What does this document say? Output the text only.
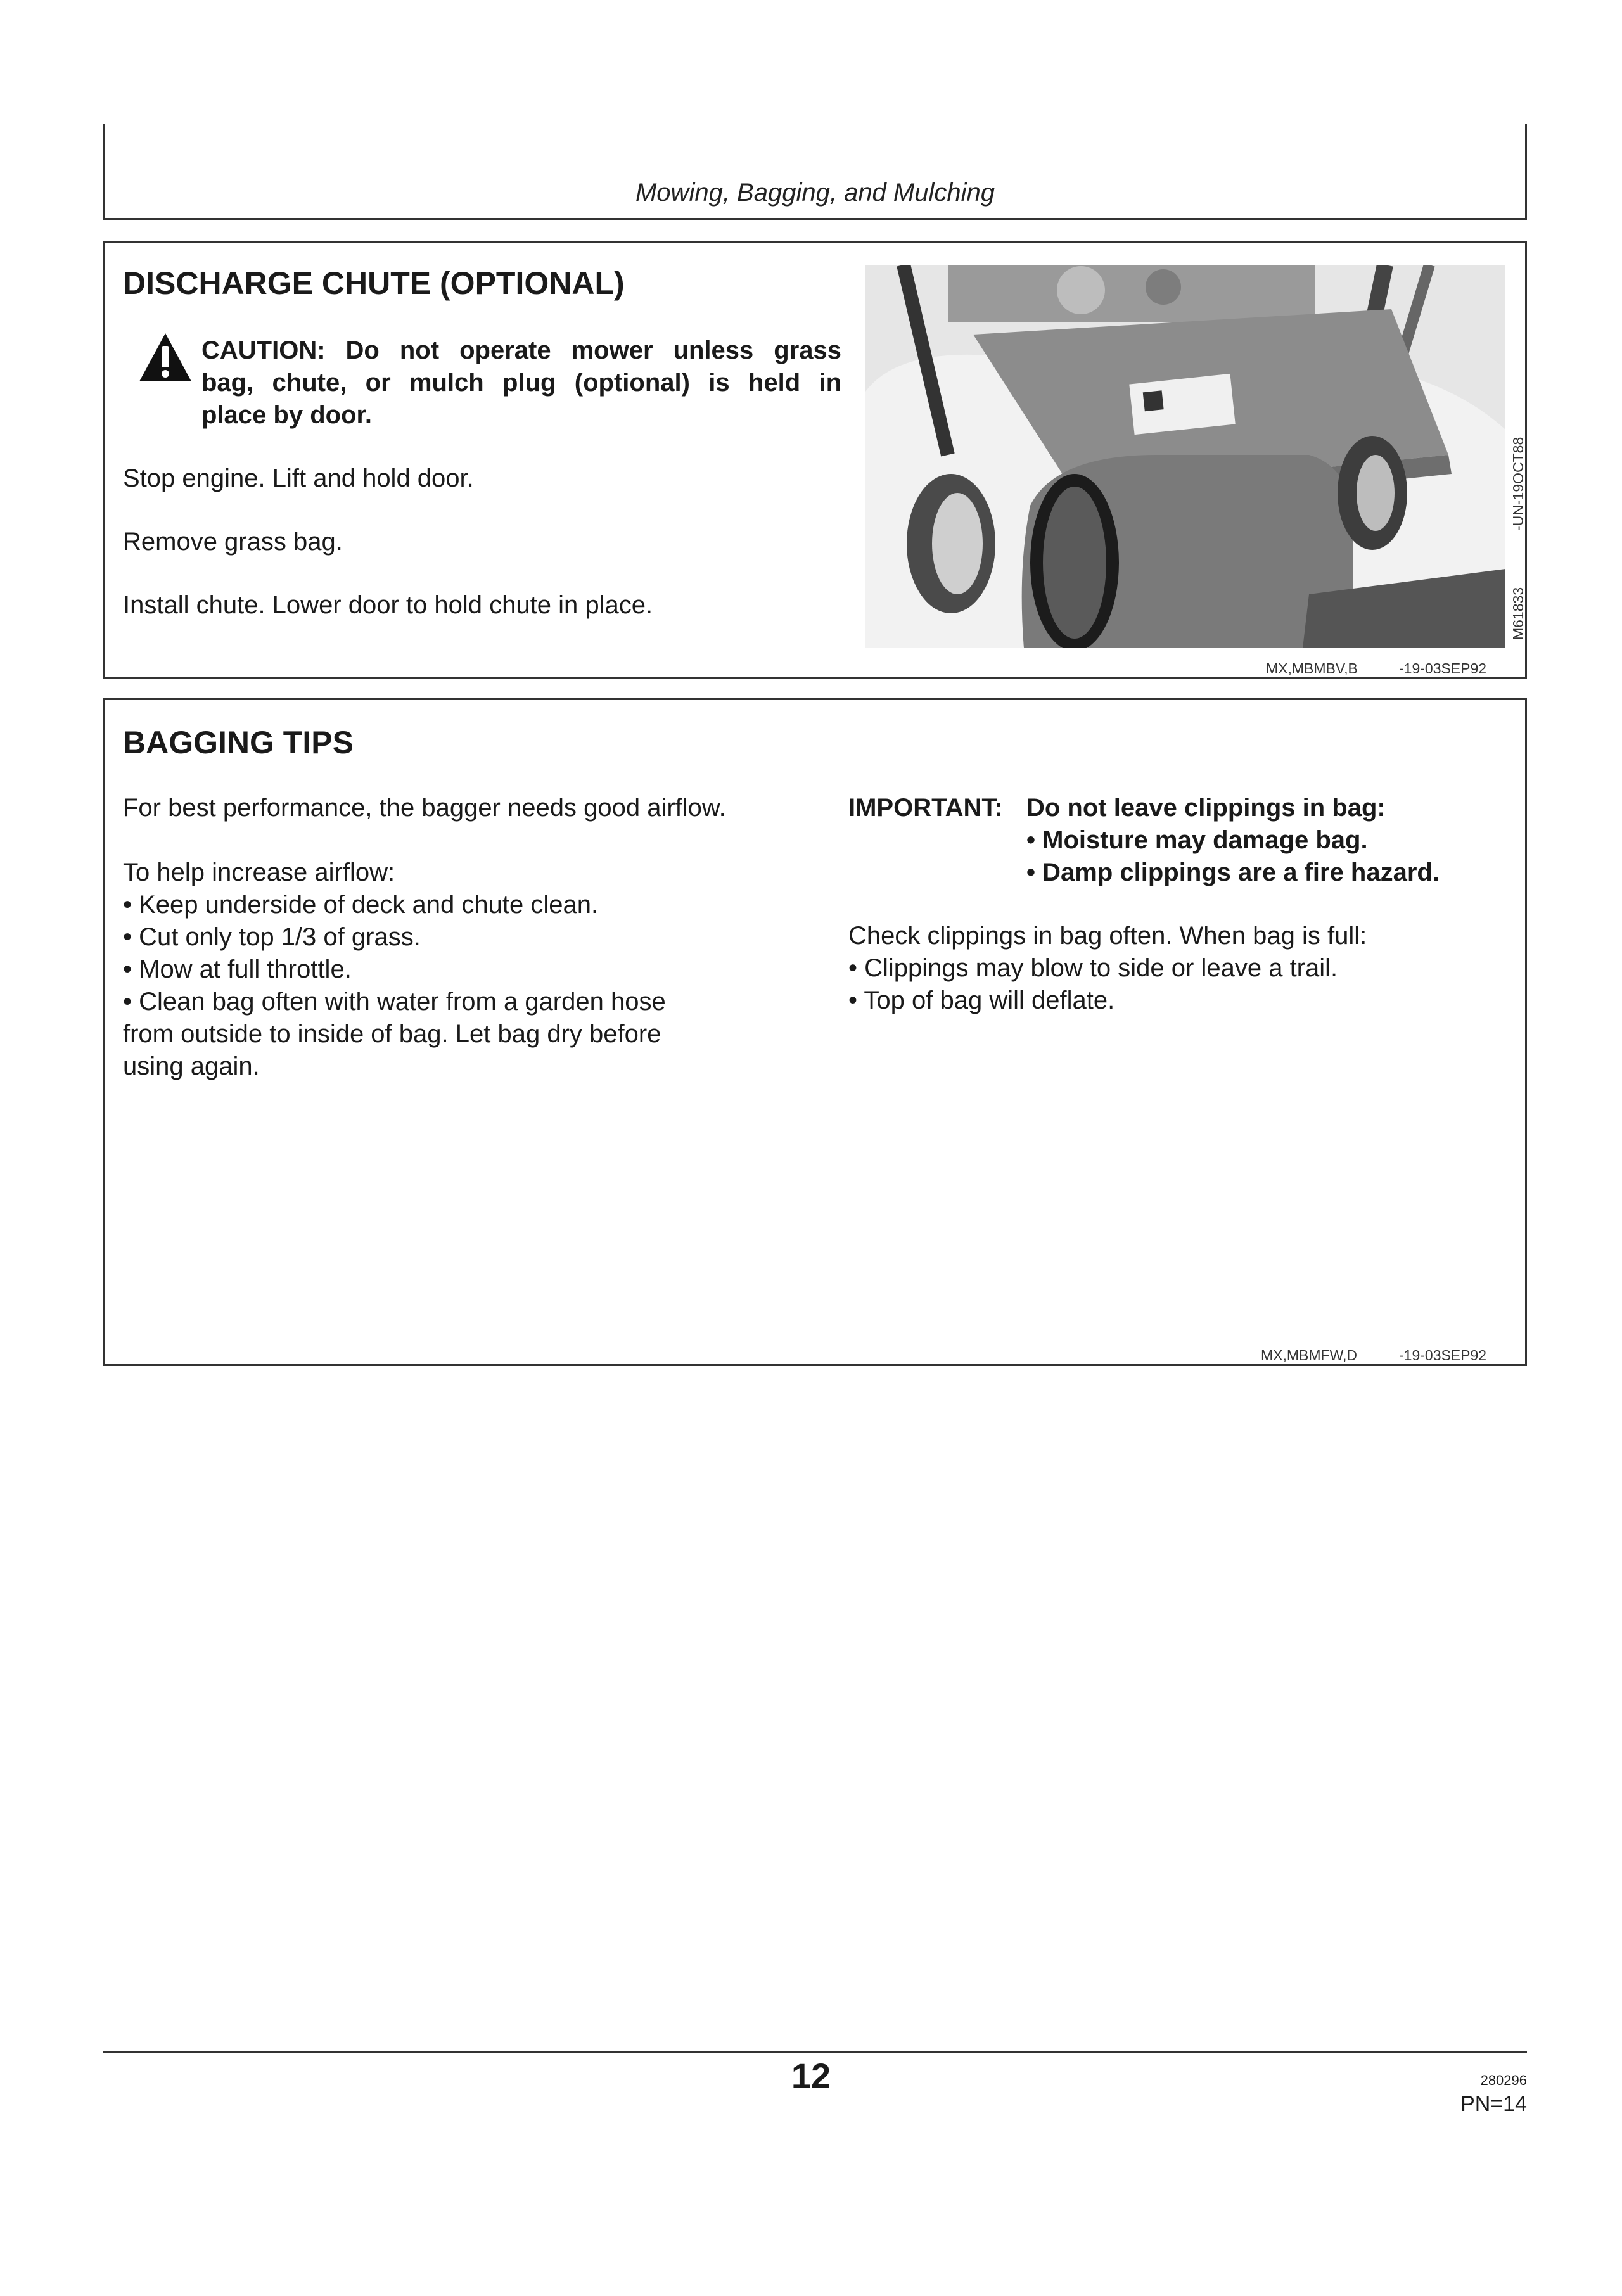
Mowing, Bagging, and Mulching
DISCHARGE CHUTE (OPTIONAL)
CAUTION: Do not operate mower unless grass
bag, chute, or mulch plug (optional) is held in
place by door.
Stop engine. Lift and hold door.
Remove grass bag.
Install chute. Lower door to hold chute in place.
-UN-19OCT88
M61833
MX,MBMBV,B	-19-03SEP92
BAGGING TIPS
For best performance, the bagger needs good airflow.
To help increase airflow:
• Keep underside of deck and chute clean.
• Cut only top 1/3 of grass.
• Mow at full throttle.
• Clean bag often with water from a garden hose
from outside to inside of bag. Let bag dry before
using again.
IMPORTANT: Do not leave clippings in bag:
• Moisture may damage bag.
• Damp clippings are a fire hazard.
Check clippings in bag often. When bag is full:
• Clippings may blow to side or leave a trail.
• Top of bag will deflate.
MX,MBMFW,D	-19-03SEP92
12	280296
PN=14
